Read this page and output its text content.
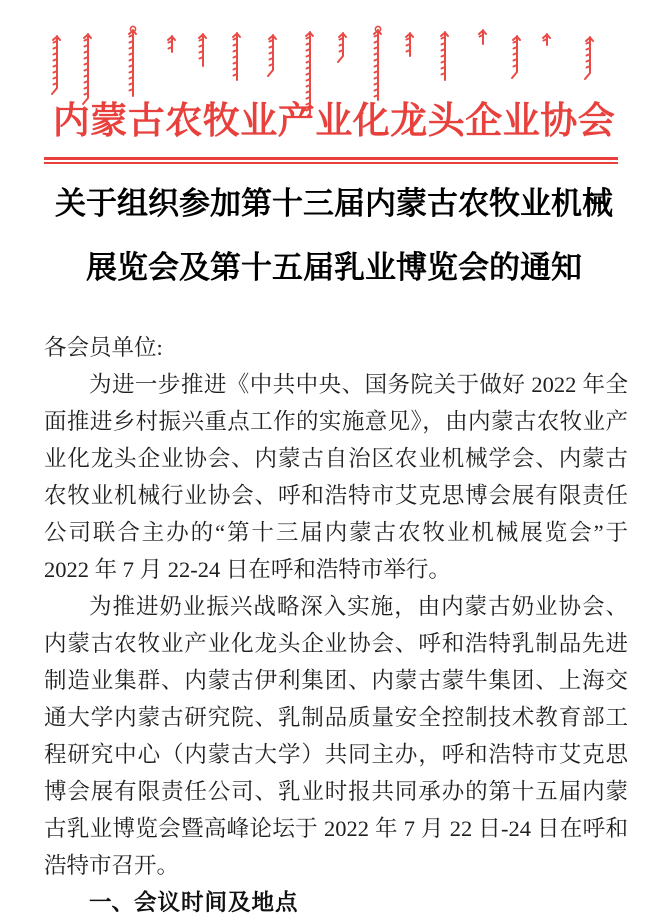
内蒙古农牧业产业化龙头企业协会
关于组织参加第十三届内蒙古农牧业机械
展览会及第十五届乳业博览会的通知

各会员单位:

为进一步推进《中共中央、国务院关于做好 2022 年全面推进乡村振兴重点工作的实施意见》，由内蒙古农牧业产业化龙头企业协会、内蒙古自治区农业机械学会、内蒙古农牧业机械行业协会、呼和浩特市艾克思博会展有限责任公司联合主办的“第十三届内蒙古农牧业机械展览会”于 2022 年 7 月 22-24 日在呼和浩特市举行。

为推进奶业振兴战略深入实施，由内蒙古奶业协会、内蒙古农牧业产业化龙头企业协会、呼和浩特乳制品先进制造业集群、内蒙古伊利集团、内蒙古蒙牛集团、上海交通大学内蒙古研究院、乳制品质量安全控制技术教育部工程研究中心（内蒙古大学）共同主办，呼和浩特市艾克思博会展有限责任公司、乳业时报共同承办的第十五届内蒙古乳业博览会暨高峰论坛于 2022 年 7 月 22 日-24 日在呼和浩特市召开。

一、会议时间及地点
